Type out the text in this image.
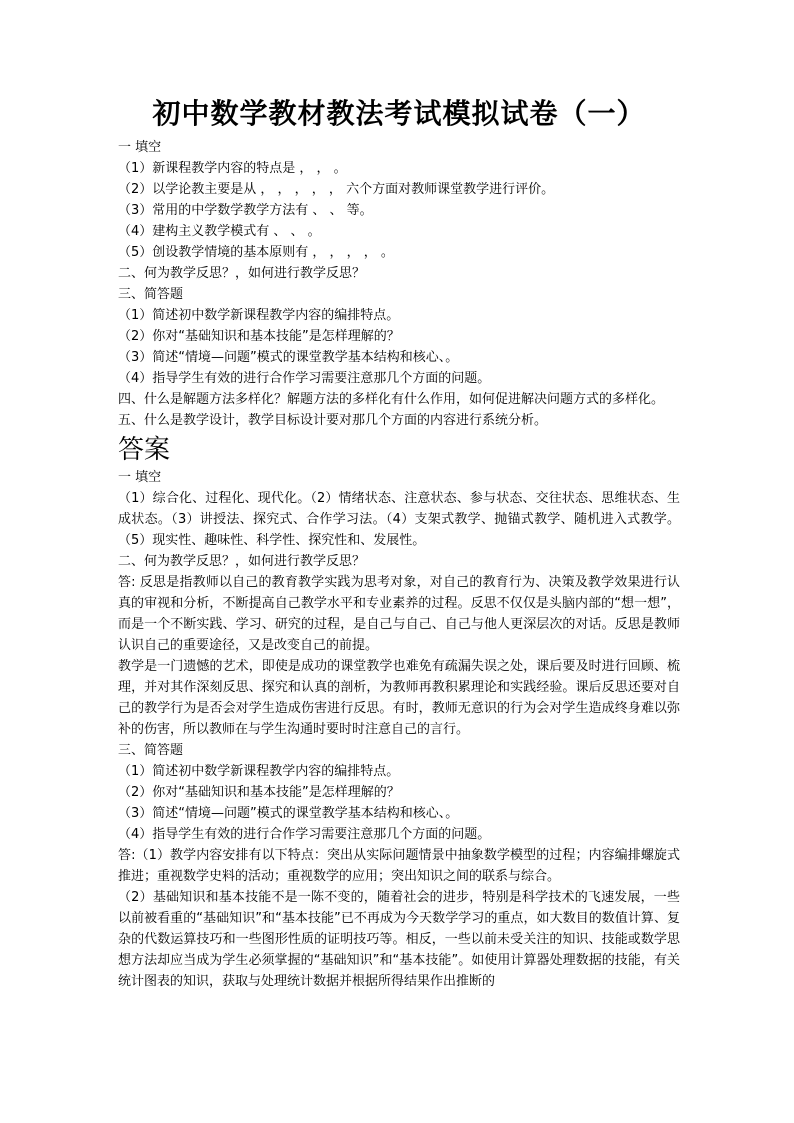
初中数学教材教法考试模拟试卷（一）

一 填空

（1）新课程教学内容的特点是 ， ， 。

（2）以学论教主要是从 ， ， ， ， ， 六个方面对教师课堂教学进行评价。

（3）常用的中学数学教学方法有 、 、 等。

（4）建构主义教学模式有 、 、 。

（5）创设教学情境的基本原则有 ， ， ， ， 。

二、何为教学反思？，如何进行教学反思？

三、简答题

（1）简述初中数学新课程教学内容的编排特点。

（2）你对“基础知识和基本技能”是怎样理解的？

（3）简述“情境—问题”模式的课堂教学基本结构和核心、。

（4）指导学生有效的进行合作学习需要注意那几个方面的问题。

四、什么是解题方法多样化？解题方法的多样化有什么作用，如何促进解决问题方式的多样化。

五、什么是教学设计，教学目标设计要对那几个方面的内容进行系统分析。

答案

一 填空

（1）综合化、过程化、现代化。（2）情绪状态、注意状态、参与状态、交往状态、思维状态、生成状态。（3）讲授法、探究式、合作学习法。（4）支架式教学、抛锚式教学、随机进入式教学。（5）现实性、趣味性、科学性、探究性和、发展性。

二、何为教学反思？，如何进行教学反思？

答: 反思是指教师以自己的教育教学实践为思考对象，对自己的教育行为、决策及教学效果进行认真的审视和分析，不断提高自己教学水平和专业素养的过程。反思不仅仅是头脑内部的“想一想”，而是一个不断实践、学习、研究的过程，是自己与自己、自己与他人更深层次的对话。反思是教师认识自己的重要途径，又是改变自己的前提。

教学是一门遗憾的艺术，即使是成功的课堂教学也难免有疏漏失误之处，课后要及时进行回顾、梳理，并对其作深刻反思、探究和认真的剖析，为教师再教积累理论和实践经验。课后反思还要对自己的教学行为是否会对学生造成伤害进行反思。有时，教师无意识的行为会对学生造成终身难以弥补的伤害，所以教师在与学生沟通时要时时注意自己的言行。

三、简答题

（1）简述初中数学新课程教学内容的编排特点。

（2）你对“基础知识和基本技能”是怎样理解的？

（3）简述“情境—问题”模式的课堂教学基本结构和核心、。

（4）指导学生有效的进行合作学习需要注意那几个方面的问题。

答:（1）教学内容安排有以下特点：突出从实际问题情景中抽象数学模型的过程；内容编排螺旋式推进；重视数学史料的活动；重视数学的应用；突出知识之间的联系与综合。

（2）基础知识和基本技能不是一陈不变的，随着社会的进步，特别是科学技术的飞速发展，一些以前被看重的“基础知识”和“基本技能”已不再成为今天数学学习的重点，如大数目的数值计算、复杂的代数运算技巧和一些图形性质的证明技巧等。相反，一些以前未受关注的知识、技能或数学思想方法却应当成为学生必须掌握的“基础知识”和“基本技能”。如使用计算器处理数据的技能，有关统计图表的知识，获取与处理统计数据并根据所得结果作出推断的
